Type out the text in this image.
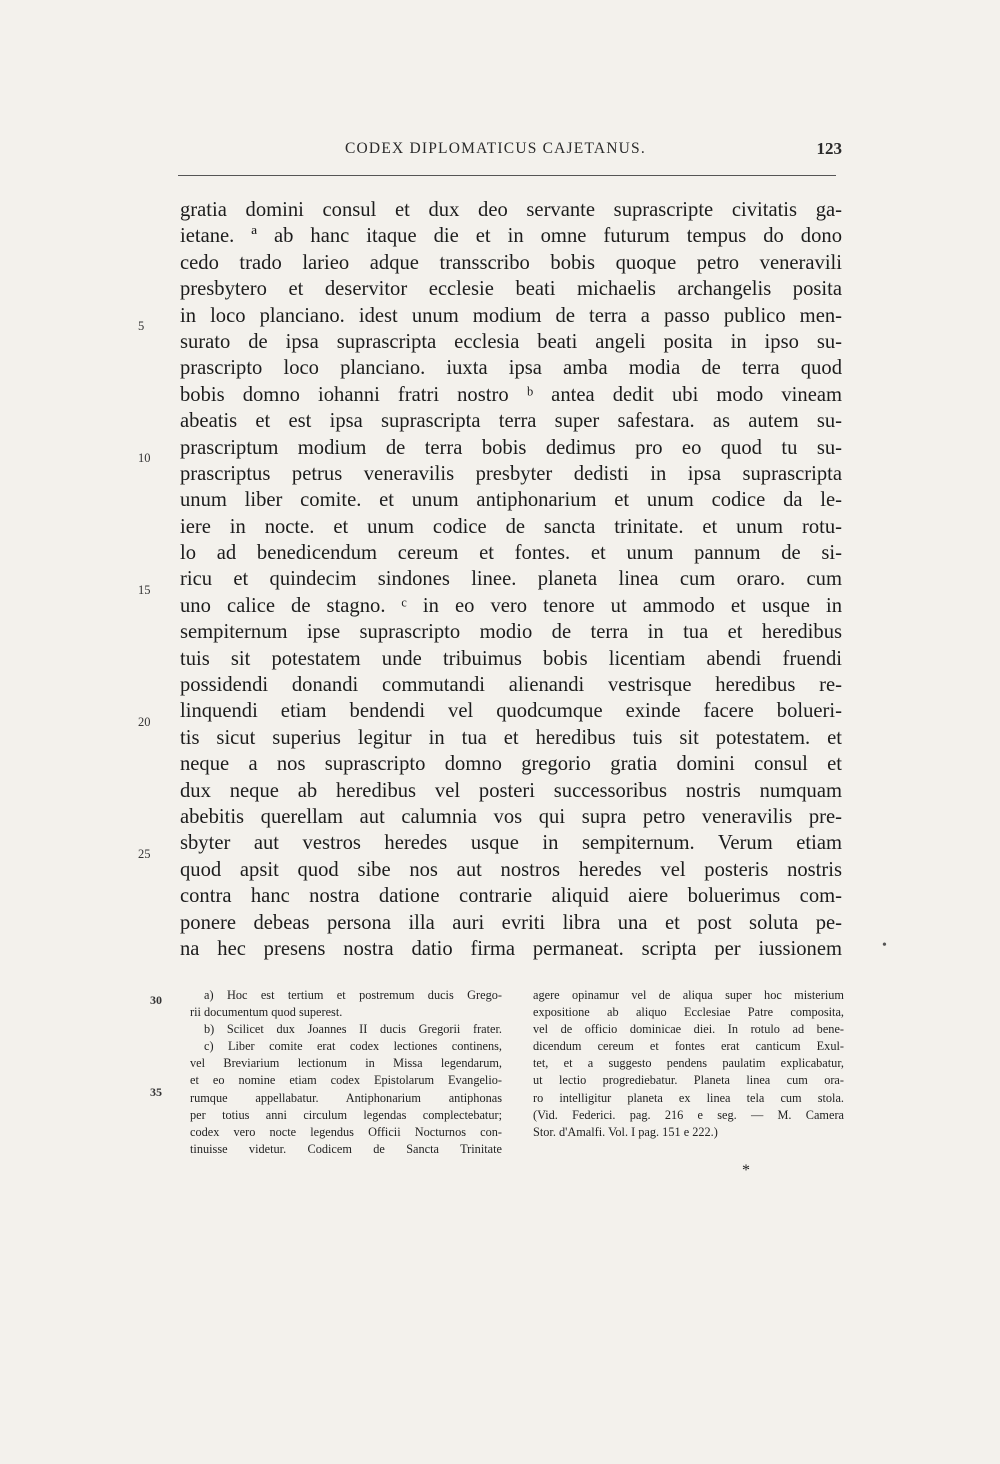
CODEX DIPLOMATICUS CAJETANUS.	123
5
10
15
20
25
gratia domini consul et dux deo servante suprascripte civitatis ga-
ietane. ª ab hanc itaque die et in omne futurum tempus do dono
cedo trado larieo adque transscribo bobis quoque petro veneravili
presbytero et deservitor ecclesie beati michaelis archangelis posita
in loco planciano. idest unum modium de terra a passo publico men-
surato de ipsa suprascripta ecclesia beati angeli posita in ipso su-
prascripto loco planciano. iuxta ipsa amba modia de terra quod
bobis domno iohanni fratri nostro ᵇ antea dedit ubi modo vineam
abeatis et est ipsa suprascripta terra super safestara. as autem su-
prascriptum modium de terra bobis dedimus pro eo quod tu su-
prascriptus petrus veneravilis presbyter dedisti in ipsa suprascripta
unum liber comite. et unum antiphonarium et unum codice da le-
iere in nocte. et unum codice de sancta trinitate. et unum rotu-
lo ad benedicendum cereum et fontes. et unum pannum de si-
ricu et quindecim sindones linee. planeta linea cum oraro. cum
uno calice de stagno. ᶜ in eo vero tenore ut ammodo et usque in
sempiternum ipse suprascripto modio de terra in tua et heredibus
tuis sit potestatem unde tribuimus bobis licentiam abendi fruendi
possidendi donandi commutandi alienandi vestrisque heredibus re-
linquendi etiam bendendi vel quodcumque exinde facere bolueri-
tis sicut superius legitur in tua et heredibus tuis sit potestatem. et
neque a nos suprascripto domno gregorio gratia domini consul et
dux neque ab heredibus vel posteri successoribus nostris numquam
abebitis querellam aut calumnia vos qui supra petro veneravilis pre-
sbyter aut vestros heredes usque in sempiternum. Verum etiam
quod apsit quod sibe nos aut nostros heredes vel posteris nostris
contra hanc nostra datione contrarie aliquid aiere boluerimus com-
ponere debeas persona illa auri evriti libra una et post soluta pe-
na hec presens nostra datio firma permaneat. scripta per iussionem	•
30
35
a) Hoc est tertium et postremum ducis Grego-
rii documentum quod superest.
b) Scilicet dux Joannes II ducis Gregorii frater.
c) Liber comite erat codex lectiones continens,
vel Breviarium lectionum in Missa legendarum,
et eo nomine etiam codex Epistolarum Evangelio-
rumque appellabatur. Antiphonarium antiphonas
per totius anni circulum legendas complectebatur;
codex vero nocte legendus Officii Nocturnos con-
tinuisse videtur. Codicem de Sancta Trinitate
agere opinamur vel de aliqua super hoc misterium
expositione ab aliquo Ecclesiae Patre composita,
vel de officio dominicae diei. In rotulo ad bene-
dicendum cereum et fontes erat canticum Exul-
tet, et a suggesto pendens paulatim explicabatur,
ut lectio progrediebatur. Planeta linea cum ora-
ro intelligitur planeta ex linea tela cum stola.
(Vid. Federici. pag. 216 e seg. — M. Camera
Stor. d'Amalfi. Vol. I pag. 151 e 222.)
*
